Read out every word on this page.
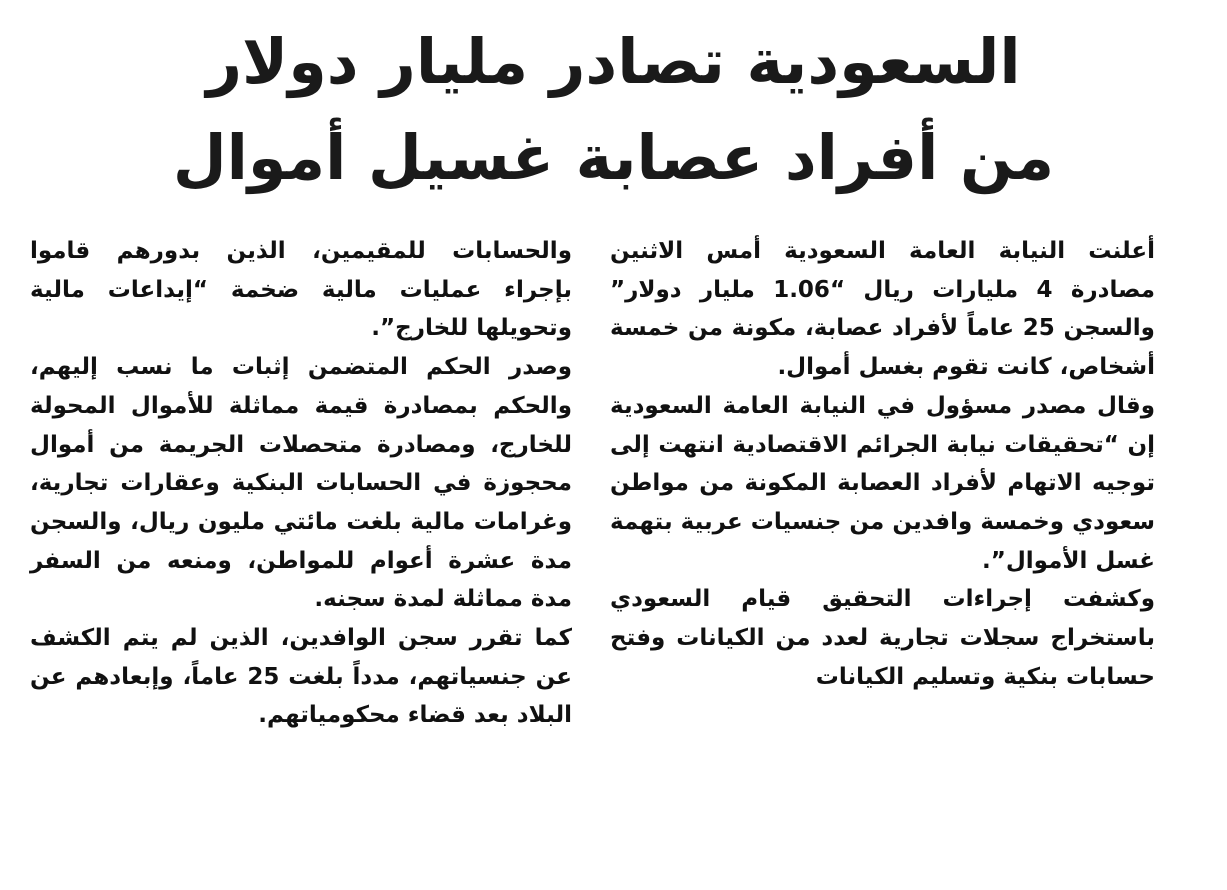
السعودية تصادر مليار دولار
من أفراد عصابة غسيل أموال

أعلنت النيابة العامة السعودية أمس الاثنين مصادرة 4 مليارات ريال “1.06 مليار دولار” والسجن 25 عاماً لأفراد عصابة، مكونة من خمسة أشخاص، كانت تقوم بغسل أموال.

وقال مصدر مسؤول في النيابة العامة السعودية إن “تحقيقات نيابة الجرائم الاقتصادية انتهت إلى توجيه الاتهام لأفراد العصابة المكونة من مواطن سعودي وخمسة وافدين من جنسيات عربية بتهمة غسل الأموال”.

وكشفت إجراءات التحقيق قيام السعودي باستخراج سجلات تجارية لعدد من الكيانات وفتح حسابات بنكية وتسليم الكيانات

والحسابات للمقيمين، الذين بدورهم قاموا بإجراء عمليات مالية ضخمة “إيداعات مالية وتحويلها للخارج”.

وصدر الحكم المتضمن إثبات ما نسب إليهم، والحكم بمصادرة قيمة مماثلة للأموال المحولة للخارج، ومصادرة متحصلات الجريمة من أموال محجوزة في الحسابات البنكية وعقارات تجارية، وغرامات مالية بلغت مائتي مليون ريال، والسجن مدة عشرة أعوام للمواطن، ومنعه من السفر مدة مماثلة لمدة سجنه.

كما تقرر سجن الوافدين، الذين لم يتم الكشف عن جنسياتهم، مدداً بلغت 25 عاماً، وإبعادهم عن البلاد بعد قضاء محكومياتهم.
